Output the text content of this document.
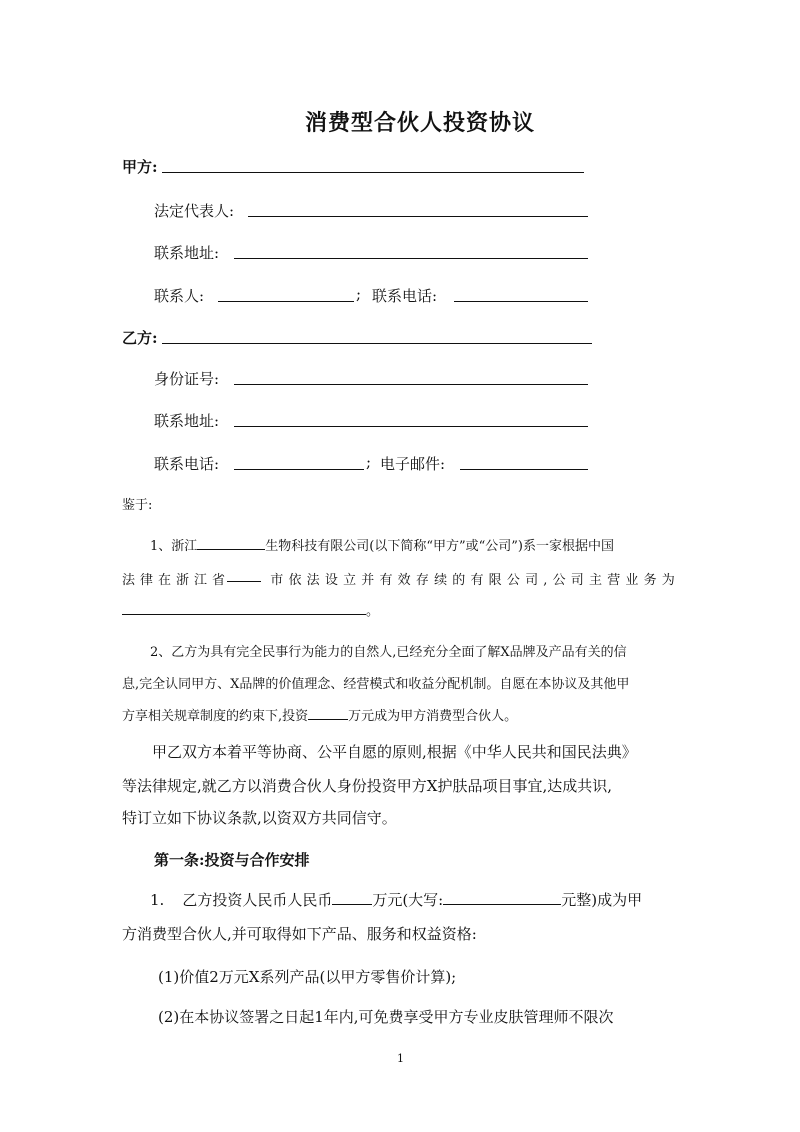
消费型合伙人投资协议
甲方:
法定代表人:
联系地址:
联系人:	; 联系电话:
乙方:
身份证号:
联系地址:
联系电话:	; 电子邮件:
鉴于:
1、浙江	生物科技有限公司(以下简称“甲方”或“公司”)系一家根据中国
法律在浙江省	市依法设立并有效存续的有限公司,公司主营业务为
。
2、乙方为具有完全民事行为能力的自然人,已经充分全面了解X品牌及产品有关的信
息,完全认同甲方、X品牌的价值理念、经营模式和收益分配机制。自愿在本协议及其他甲
方享相关规章制度的约束下,投资	万元成为甲方消费型合伙人。
甲乙双方本着平等协商、公平自愿的原则,根据《中华人民共和国民法典》
等法律规定,就乙方以消费合伙人身份投资甲方X护肤品项目事宜,达成共识,
特订立如下协议条款,以资双方共同信守。
第一条:投资与合作安排
1. 乙方投资人民币人民币	万元(大写:	元整)成为甲
方消费型合伙人,并可取得如下产品、服务和权益资格:
(1)价值2万元X系列产品(以甲方零售价计算);
(2)在本协议签署之日起1年内,可免费享受甲方专业皮肤管理师不限次
1
